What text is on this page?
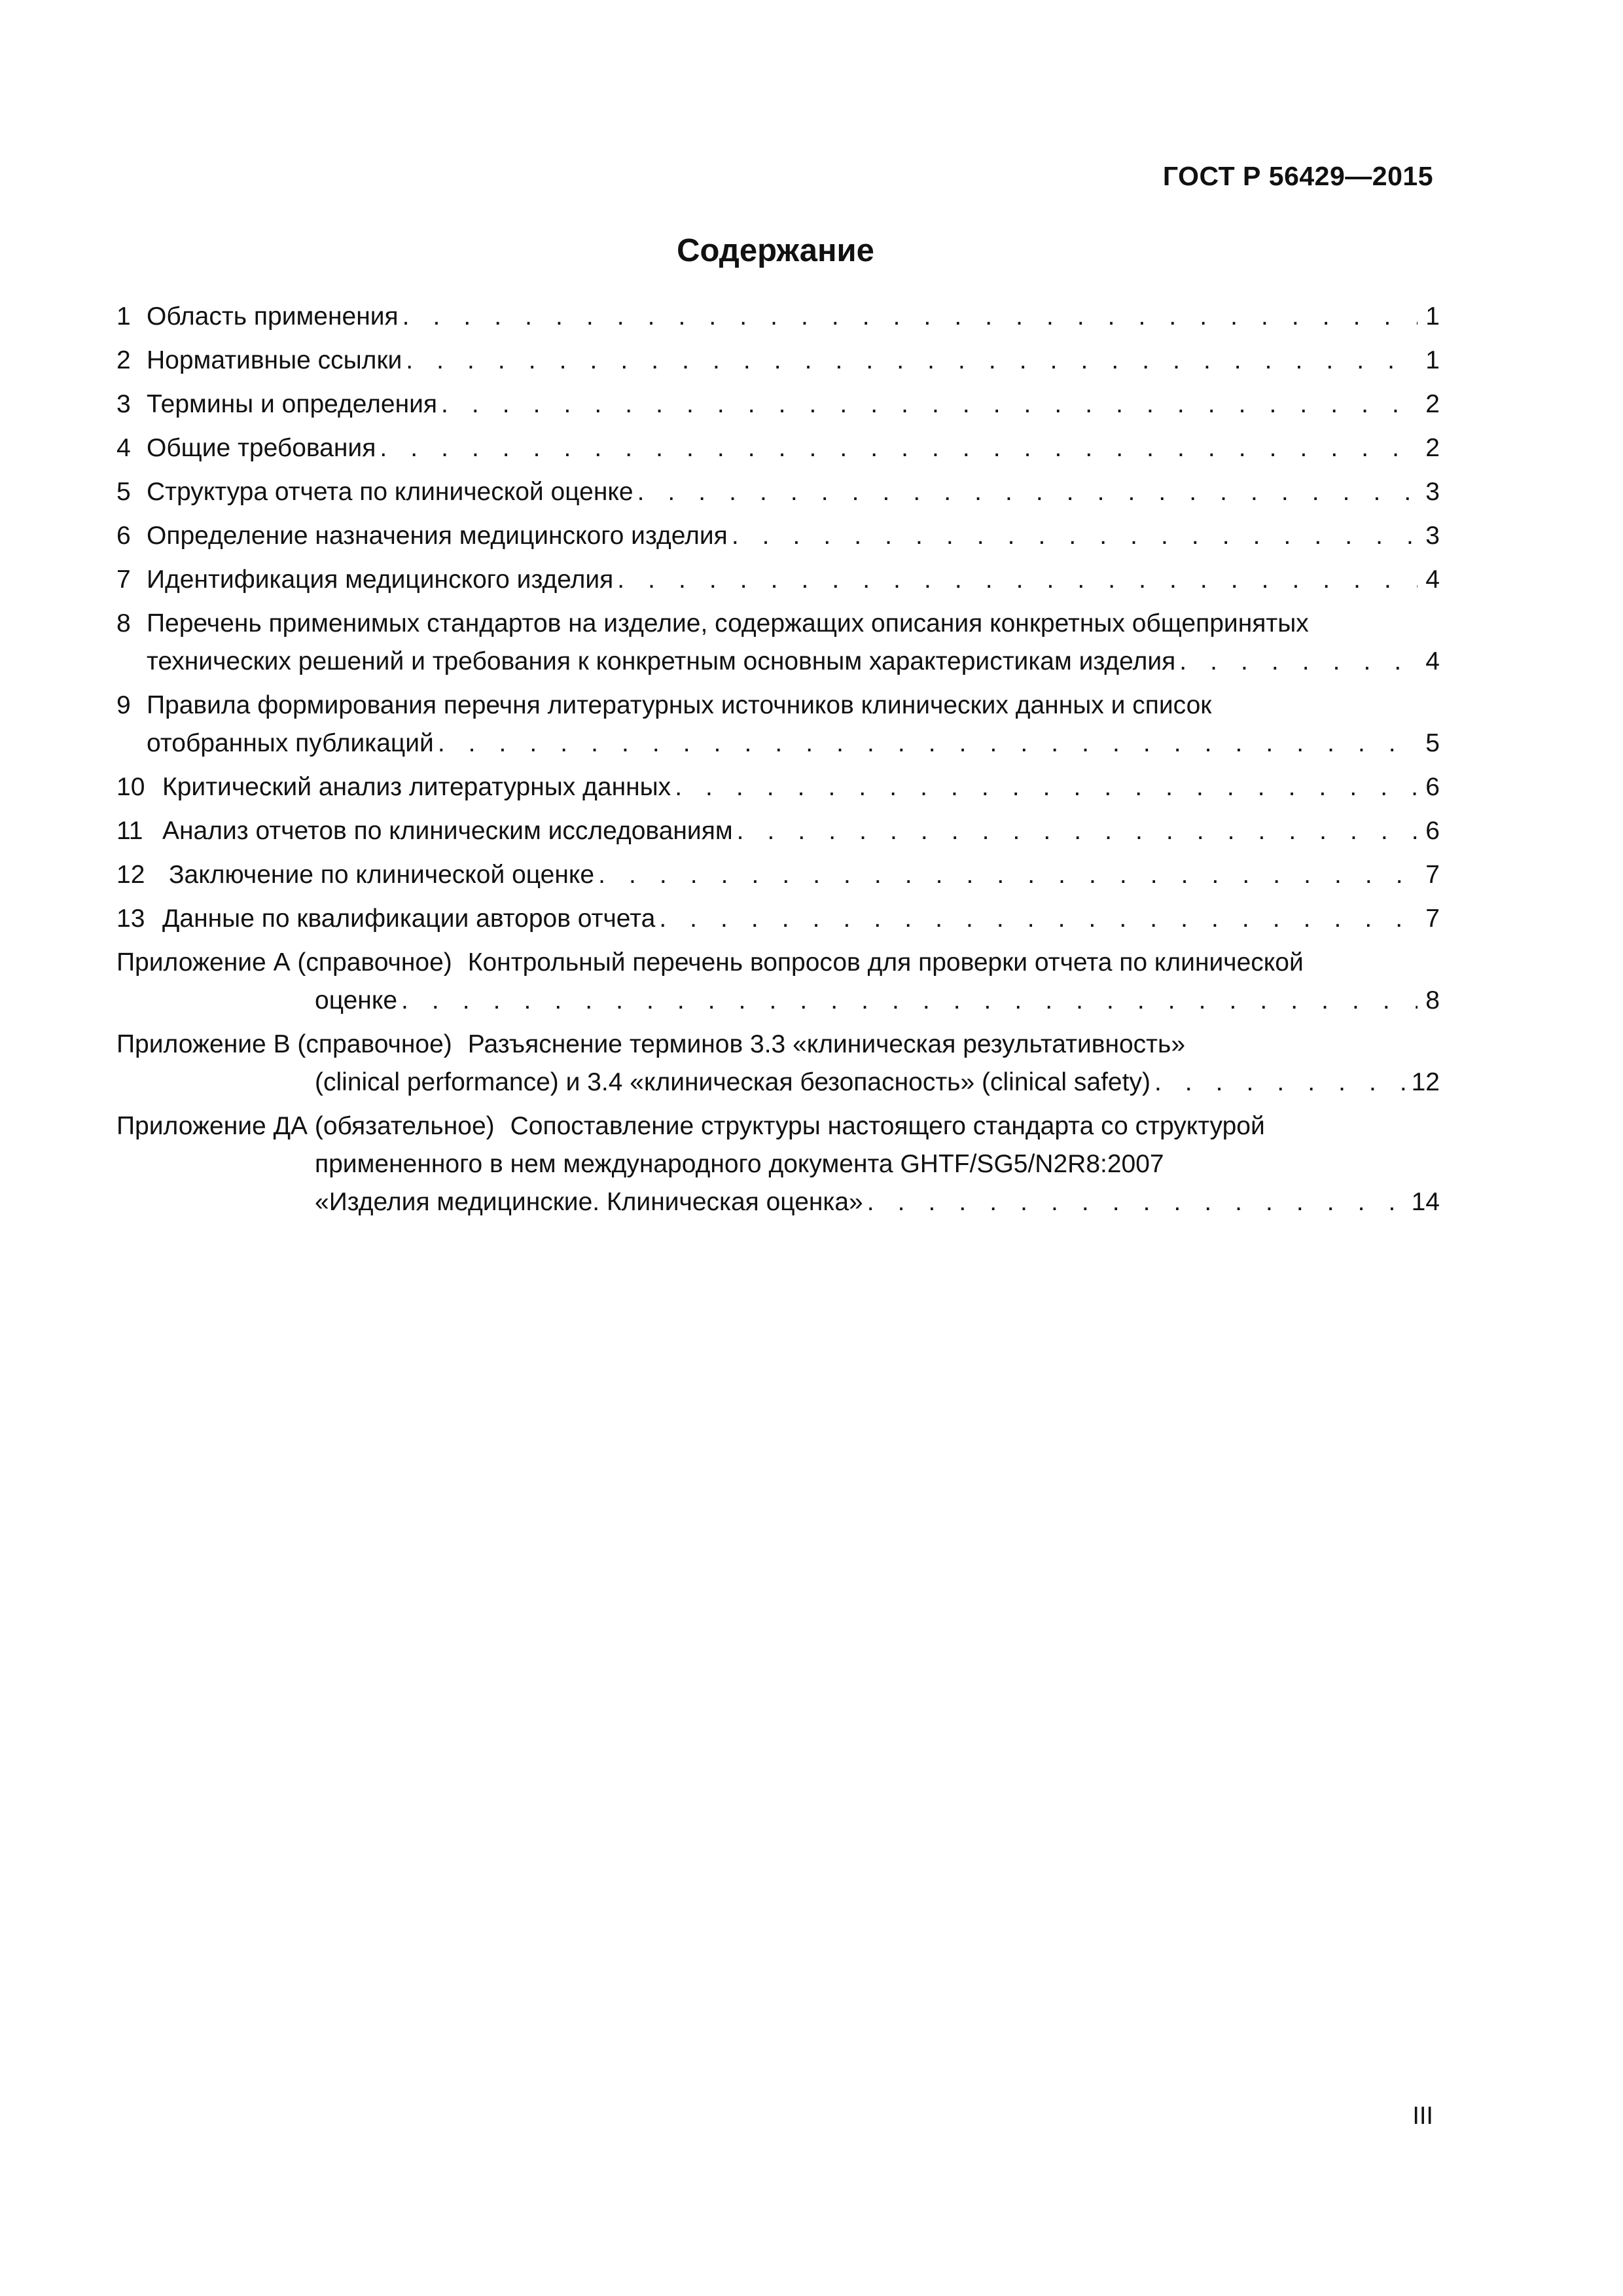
ГОСТ Р 56429—2015
Содержание
1 Область применения . . .	1
2 Нормативные ссылки . . .	1
3 Термины и определения . . .	2
4 Общие требования . . .	2
5 Структура отчета по клинической оценке . . .	3
6 Определение назначения медицинского изделия . . .	3
7 Идентификация медицинского изделия . . .	4
8 Перечень применимых стандартов на изделие, содержащих описания конкретных общепринятых
технических решений и требования к конкретным основным характеристикам изделия . . .	4
9 Правила формирования перечня литературных источников клинических данных и список
отобранных публикаций . . .	5
10 Критический анализ литературных данных . . .	6
11 Анализ отчетов по клиническим исследованиям . . .	6
12 Заключение по клинической оценке . . .	7
13 Данные по квалификации авторов отчета . . .	7
Приложение А (справочное) Контрольный перечень вопросов для проверки отчета по клинической
оценке . . .	8
Приложение В (справочное) Разъяснение терминов 3.3 «клиническая результативность»
(clinical performance) и 3.4 «клиническая безопасность» (clinical safety) . . .	12
Приложение ДА (обязательное) Сопоставление структуры настоящего стандарта со структурой
примененного в нем международного документа GHTF/SG5/N2R8:2007
«Изделия медицинские. Клиническая оценка» . . .	14
III
